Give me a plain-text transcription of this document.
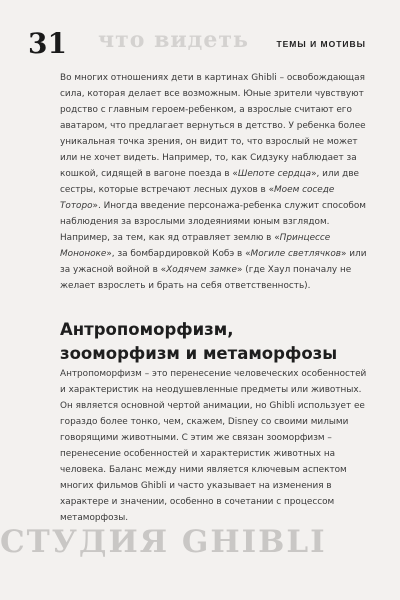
31 что видеть	ТЕМЫ И МОТИВЫ

Во многих отношениях дети в картинах Ghibli – освобождающая сила, которая делает все возможным. Юные зрители чувствуют родство с главным героем-ребенком, а взрослые считают его аватаром, что предлагает вернуться в детство. У ребенка более уникальная точка зрения, он видит то, что взрослый не может или не хочет видеть. Например, то, как Сидзуку наблюдает за кошкой, сидящей в вагоне поезда в «Шепоте сердца», или две сестры, которые встречают лесных духов в «Моем соседе Тоторо». Иногда введение персонажа-ребенка служит способом наблюдения за взрослыми злодеяниями юным взглядом. Например, за тем, как яд отравляет землю в «Принцессе Мононоке», за бомбардировкой Кобэ в «Могиле светлячков» или за ужасной войной в «Ходячем замке» (где Хаул поначалу не желает взрослеть и брать на себя ответственность).

Антропоморфизм,
зооморфизм и метаморфозы

Антропоморфизм – это перенесение человеческих особенностей и характеристик на неодушевленные предметы или животных. Он является основной чертой анимации, но Ghibli использует ее гораздо более тонко, чем, скажем, Disney со своими милыми говорящими животными. С этим же связан зооморфизм – перенесение особенностей и характеристик животных на человека. Баланс между ними является ключевым аспектом многих фильмов Ghibli и часто указывает на изменения в характере и значении, особенно в сочетании с процессом метаморфозы.

СТУДИЯ GHIBLI
